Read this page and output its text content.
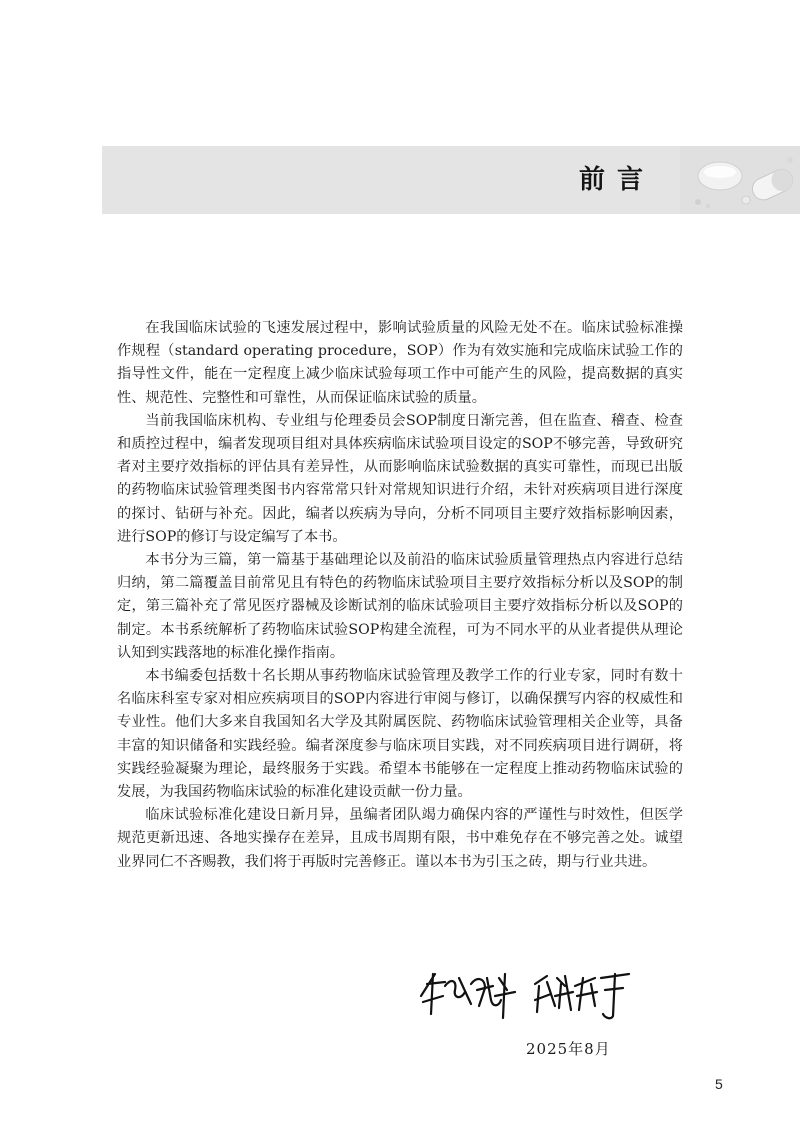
前言

在我国临床试验的飞速发展过程中，影响试验质量的风险无处不在。临床试验标准操作规程（standard operating procedure，SOP）作为有效实施和完成临床试验工作的指导性文件，能在一定程度上减少临床试验每项工作中可能产生的风险，提高数据的真实性、规范性、完整性和可靠性，从而保证临床试验的质量。

当前我国临床机构、专业组与伦理委员会SOP制度日渐完善，但在监查、稽查、检查和质控过程中，编者发现项目组对具体疾病临床试验项目设定的SOP不够完善，导致研究者对主要疗效指标的评估具有差异性，从而影响临床试验数据的真实可靠性，而现已出版的药物临床试验管理类图书内容常常只针对常规知识进行介绍，未针对疾病项目进行深度的探讨、钻研与补充。因此，编者以疾病为导向，分析不同项目主要疗效指标影响因素，进行SOP的修订与设定编写了本书。

本书分为三篇，第一篇基于基础理论以及前沿的临床试验质量管理热点内容进行总结归纳，第二篇覆盖目前常见且有特色的药物临床试验项目主要疗效指标分析以及SOP的制定，第三篇补充了常见医疗器械及诊断试剂的临床试验项目主要疗效指标分析以及SOP的制定。本书系统解析了药物临床试验SOP构建全流程，可为不同水平的从业者提供从理论认知到实践落地的标准化操作指南。

本书编委包括数十名长期从事药物临床试验管理及教学工作的行业专家，同时有数十名临床科室专家对相应疾病项目的SOP内容进行审阅与修订，以确保撰写内容的权威性和专业性。他们大多来自我国知名大学及其附属医院、药物临床试验管理相关企业等，具备丰富的知识储备和实践经验。编者深度参与临床项目实践，对不同疾病项目进行调研，将实践经验凝聚为理论，最终服务于实践。希望本书能够在一定程度上推动药物临床试验的发展，为我国药物临床试验的标准化建设贡献一份力量。

临床试验标准化建设日新月异，虽编者团队竭力确保内容的严谨性与时效性，但医学规范更新迅速、各地实操存在差异，且成书周期有限，书中难免存在不够完善之处。诚望业界同仁不吝赐教，我们将于再版时完善修正。谨以本书为引玉之砖，期与行业共进。

2025年8月
5
